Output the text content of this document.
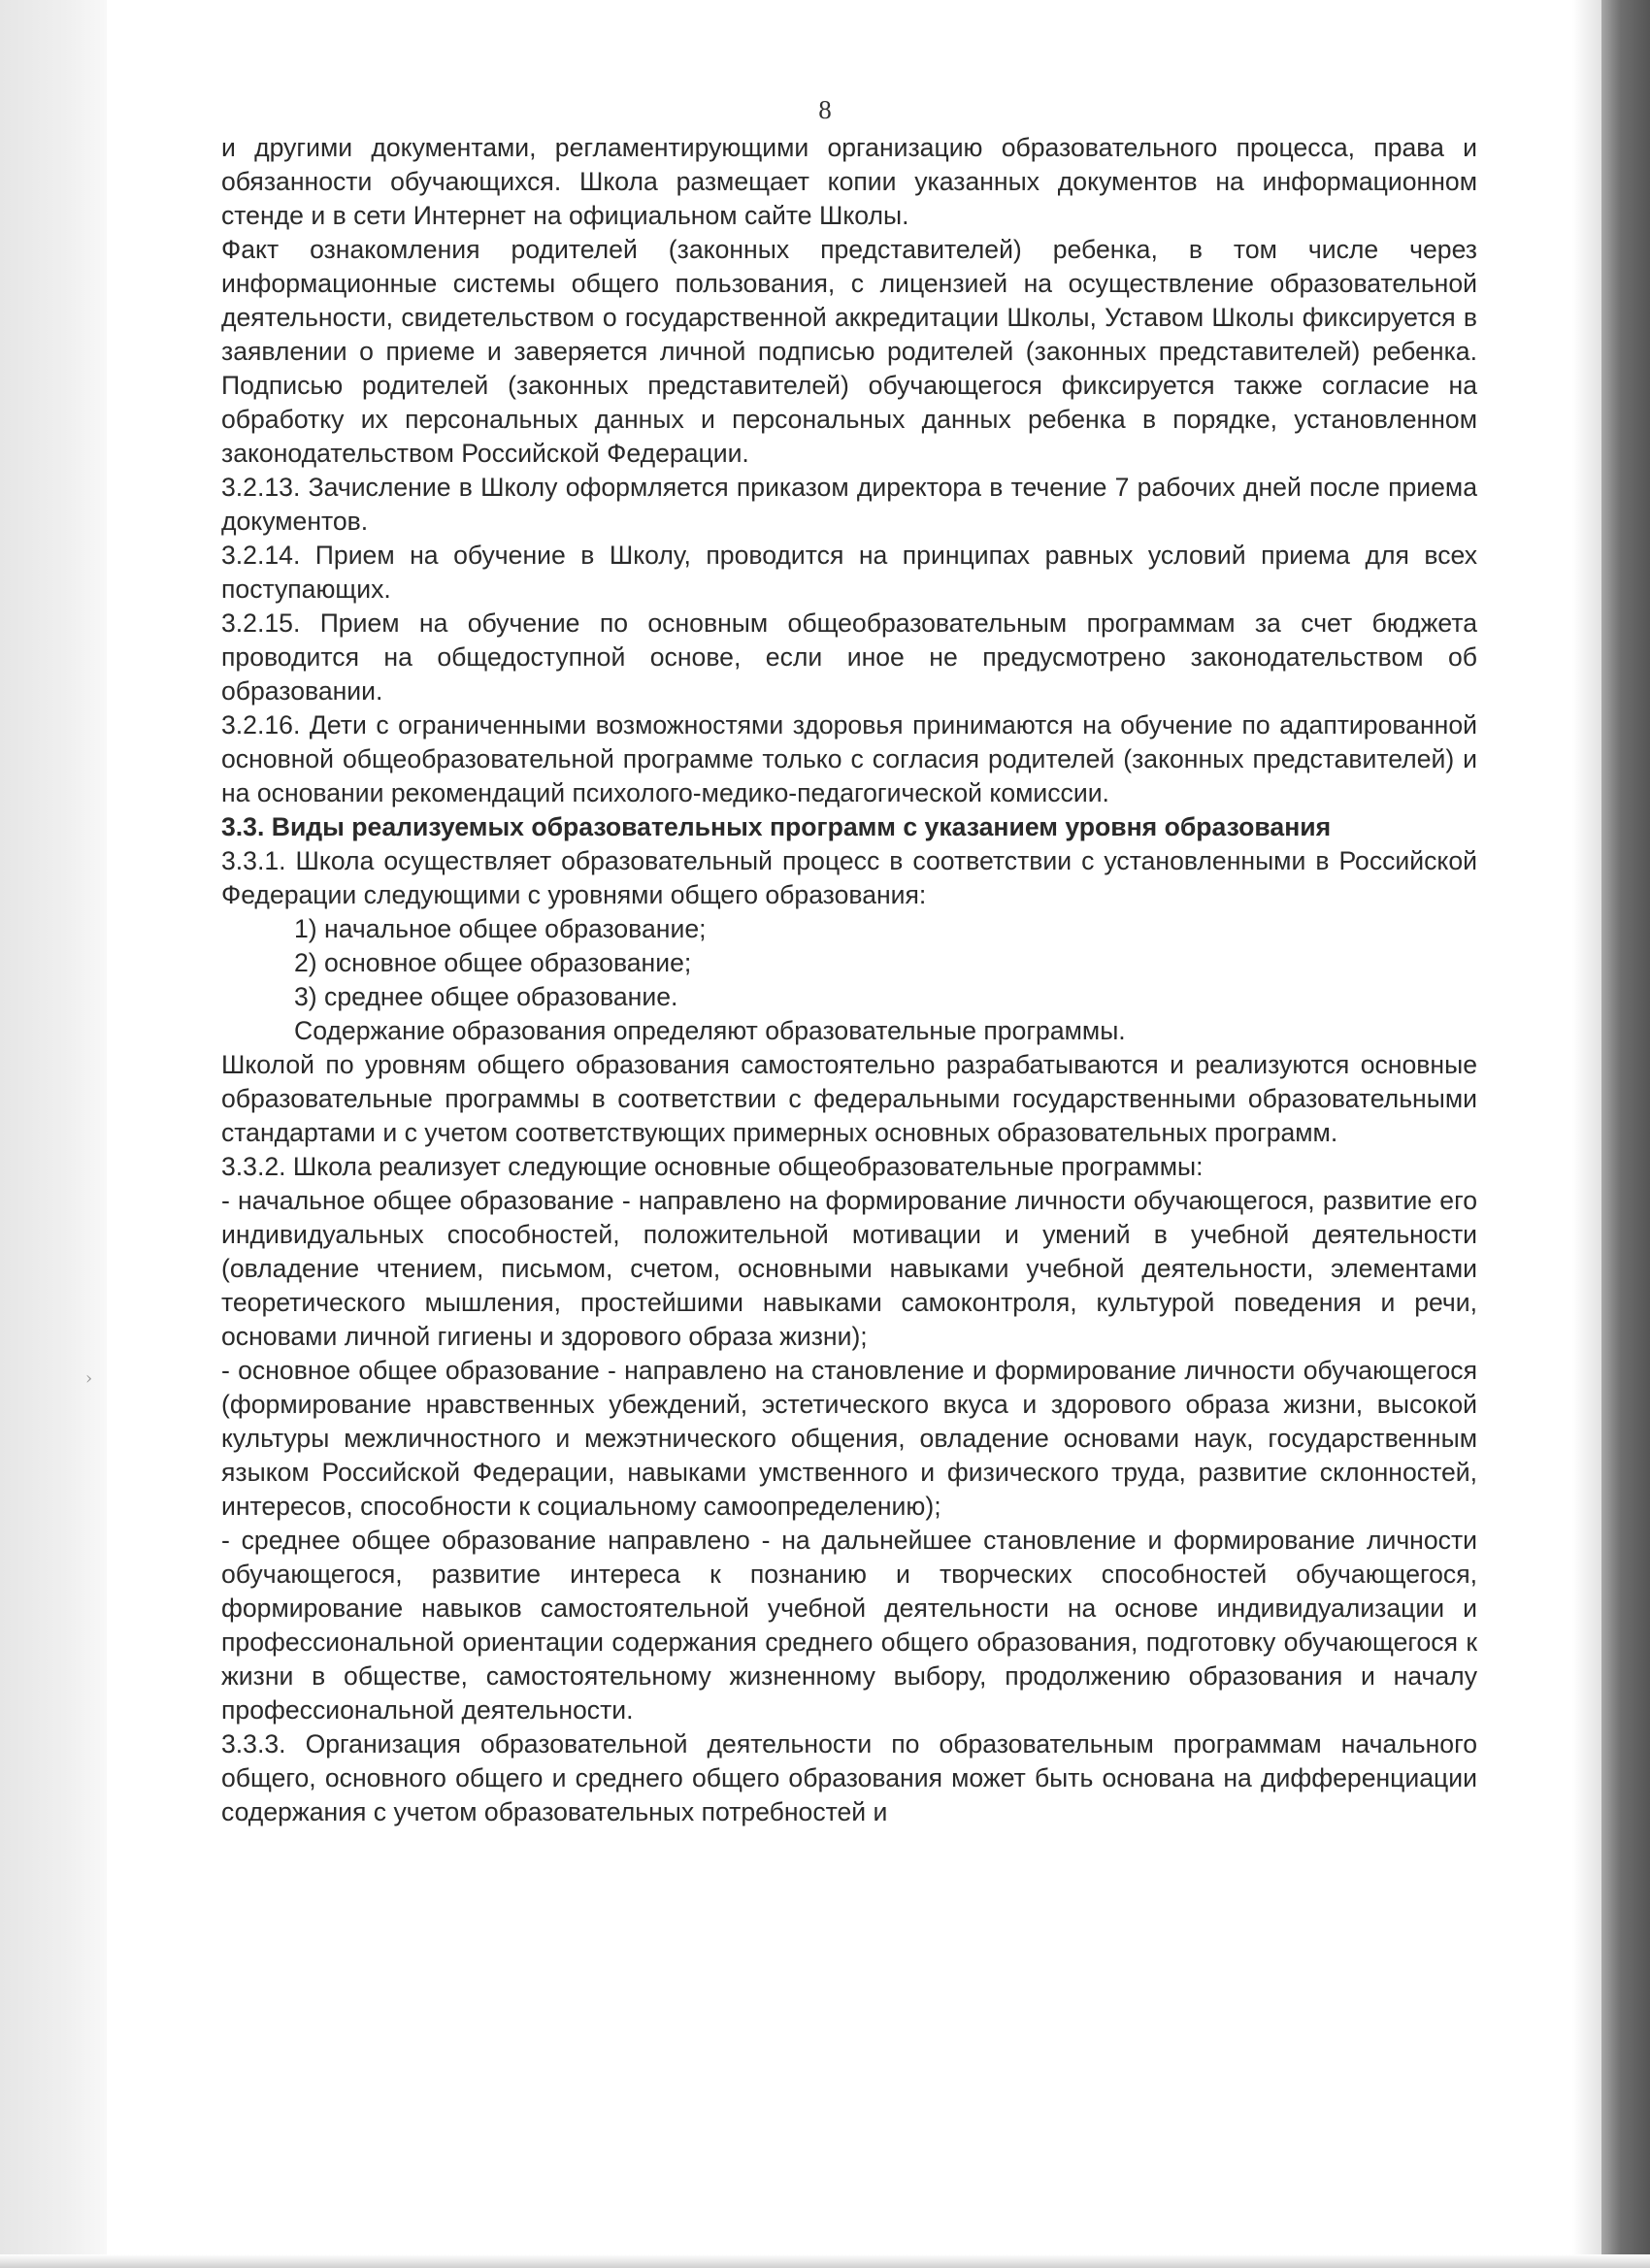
›
8

и другими документами, регламентирующими организацию образовательного процесса, права и обязанности обучающихся. Школа размещает копии указанных документов на информационном стенде и в сети Интернет на официальном сайте Школы.

Факт ознакомления родителей (законных представителей) ребенка, в том числе через информационные системы общего пользования, с лицензией на осуществление образовательной деятельности, свидетельством о государственной аккредитации Школы, Уставом Школы фиксируется в заявлении о приеме и заверяется личной подписью родителей (законных представителей) ребенка. Подписью родителей (законных представителей) обучающегося фиксируется также согласие на обработку их персональных данных и персональных данных ребенка в порядке, установленном законодательством Российской Федерации.

3.2.13. Зачисление в Школу оформляется приказом директора в течение 7 рабочих дней после приема документов.

3.2.14. Прием на обучение в Школу, проводится на принципах равных условий приема для всех поступающих.

3.2.15. Прием на обучение по основным общеобразовательным программам за счет бюджета проводится на общедоступной основе, если иное не предусмотрено законодательством об образовании.

3.2.16. Дети с ограниченными возможностями здоровья принимаются на обучение по адаптированной основной общеобразовательной программе только с согласия родителей (законных представителей) и на основании рекомендаций психолого-медико-педагогической комиссии.

3.3. Виды реализуемых образовательных программ с указанием уровня образования

3.3.1. Школа осуществляет образовательный процесс в соответствии с установленными в Российской Федерации следующими с уровнями общего образования:

1) начальное общее образование;

2) основное общее образование;

3) среднее общее образование.

Содержание образования определяют образовательные программы.

Школой по уровням общего образования самостоятельно разрабатываются и реализуются основные образовательные программы в соответствии с федеральными государственными образовательными стандартами и с учетом соответствующих примерных основных образовательных программ.

3.3.2. Школа реализует следующие основные общеобразовательные программы:

- начальное общее образование - направлено на формирование личности обучающегося, развитие его индивидуальных способностей, положительной мотивации и умений в учебной деятельности (овладение чтением, письмом, счетом, основными навыками учебной деятельности, элементами теоретического мышления, простейшими навыками самоконтроля, культурой поведения и речи, основами личной гигиены и здорового образа жизни);

- основное общее образование - направлено на становление и формирование личности обучающегося (формирование нравственных убеждений, эстетического вкуса и здорового образа жизни, высокой культуры межличностного и межэтнического общения, овладение основами наук, государственным языком Российской Федерации, навыками умственного и физического труда, развитие склонностей, интересов, способности к социальному самоопределению);

- среднее общее образование направлено - на дальнейшее становление и формирование личности обучающегося, развитие интереса к познанию и творческих способностей обучающегося, формирование навыков самостоятельной учебной деятельности на основе индивидуализации и профессиональной ориентации содержания среднего общего образования, подготовку обучающегося к жизни в обществе, самостоятельному жизненному выбору, продолжению образования и началу профессиональной деятельности.

3.3.3. Организация образовательной деятельности по образовательным программам начального общего, основного общего и среднего общего образования может быть основана на дифференциации содержания с учетом образовательных потребностей и
